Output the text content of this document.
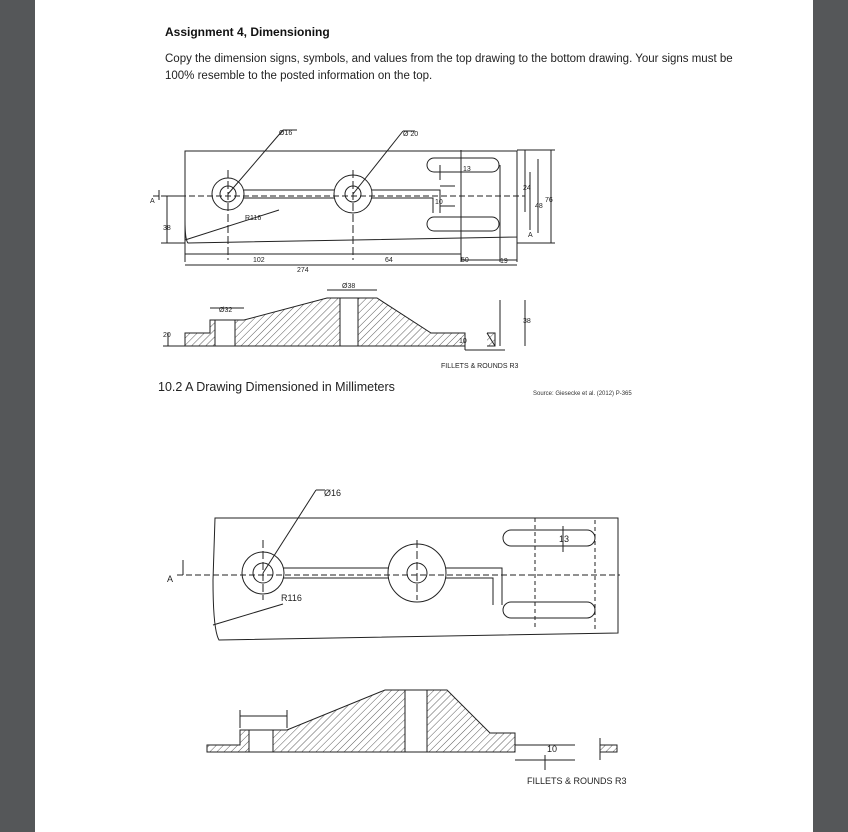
Assignment 4, Dimensioning
Copy the dimension signs, symbols, and values from the top drawing to the bottom drawing. Your signs must be 100% resemble to the posted information on the top.
Ø16	Ø 20
R116
38
102
274
64	50	19
13
10
24
48
76
A
A
Ø38
Ø32
20
38
10
FILLETS & ROUNDS R3
Ø16
R116
13
A
10
FILLETS & ROUNDS R3
10.2 A Drawing Dimensioned in Millimeters	Source: Giesecke et al. (2012) P-365
